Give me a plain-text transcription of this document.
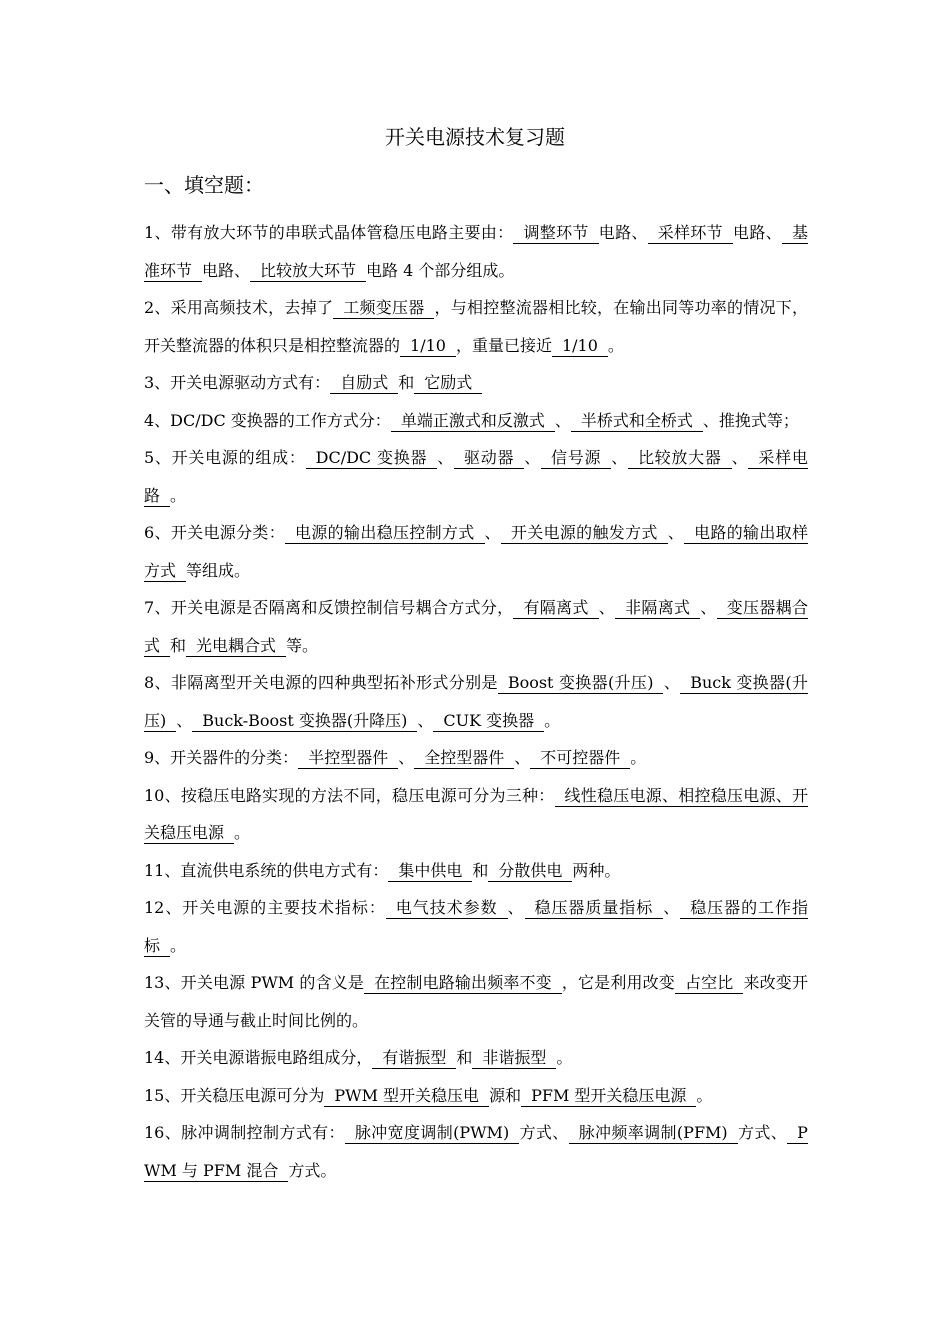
开关电源技术复习题
一、填空题：
1、带有放大环节的串联式晶体管稳压电路主要由： 调整环节 电路、 采样环节 电路、 基准环节 电路、 比较放大环节 电路 4 个部分组成。
2、采用高频技术，去掉了 工频变压器 ，与相控整流器相比较，在输出同等功率的情况下，开关整流器的体积只是相控整流器的 1/10 ，重量已接近 1/10 。
3、开关电源驱动方式有： 自励式 和 它励式
4、DC/DC 变换器的工作方式分： 单端正激式和反激式 、 半桥式和全桥式 、推挽式等；
5、开关电源的组成： DC/DC 变换器 、 驱动器 、 信号源 、 比较放大器 、 采样电路 。
6、开关电源分类： 电源的输出稳压控制方式 、 开关电源的触发方式 、 电路的输出取样方式 等组成。
7、开关电源是否隔离和反馈控制信号耦合方式分， 有隔离式 、 非隔离式 、 变压器耦合式 和 光电耦合式 等。
8、非隔离型开关电源的四种典型拓补形式分别是 Boost 变换器(升压) 、 Buck 变换器(升压) 、 Buck-Boost 变换器(升降压) 、 CUK 变换器 。
9、开关器件的分类： 半控型器件 、 全控型器件 、 不可控器件 。
10、按稳压电路实现的方法不同，稳压电源可分为三种： 线性稳压电源、相控稳压电源、开关稳压电源 。
11、直流供电系统的供电方式有： 集中供电 和 分散供电 两种。
12、开关电源的主要技术指标： 电气技术参数 、 稳压器质量指标 、 稳压器的工作指标 。
13、开关电源 PWM 的含义是 在控制电路输出频率不变 ，它是利用改变 占空比 来改变开关管的导通与截止时间比例的。
14、开关电源谐振电路组成分， 有谐振型 和 非谐振型 。
15、开关稳压电源可分为 PWM 型开关稳压电 源和 PFM 型开关稳压电源 。
16、脉冲调制控制方式有： 脉冲宽度调制(PWM) 方式、 脉冲频率调制(PFM) 方式、 PWM 与 PFM 混合 方式。
